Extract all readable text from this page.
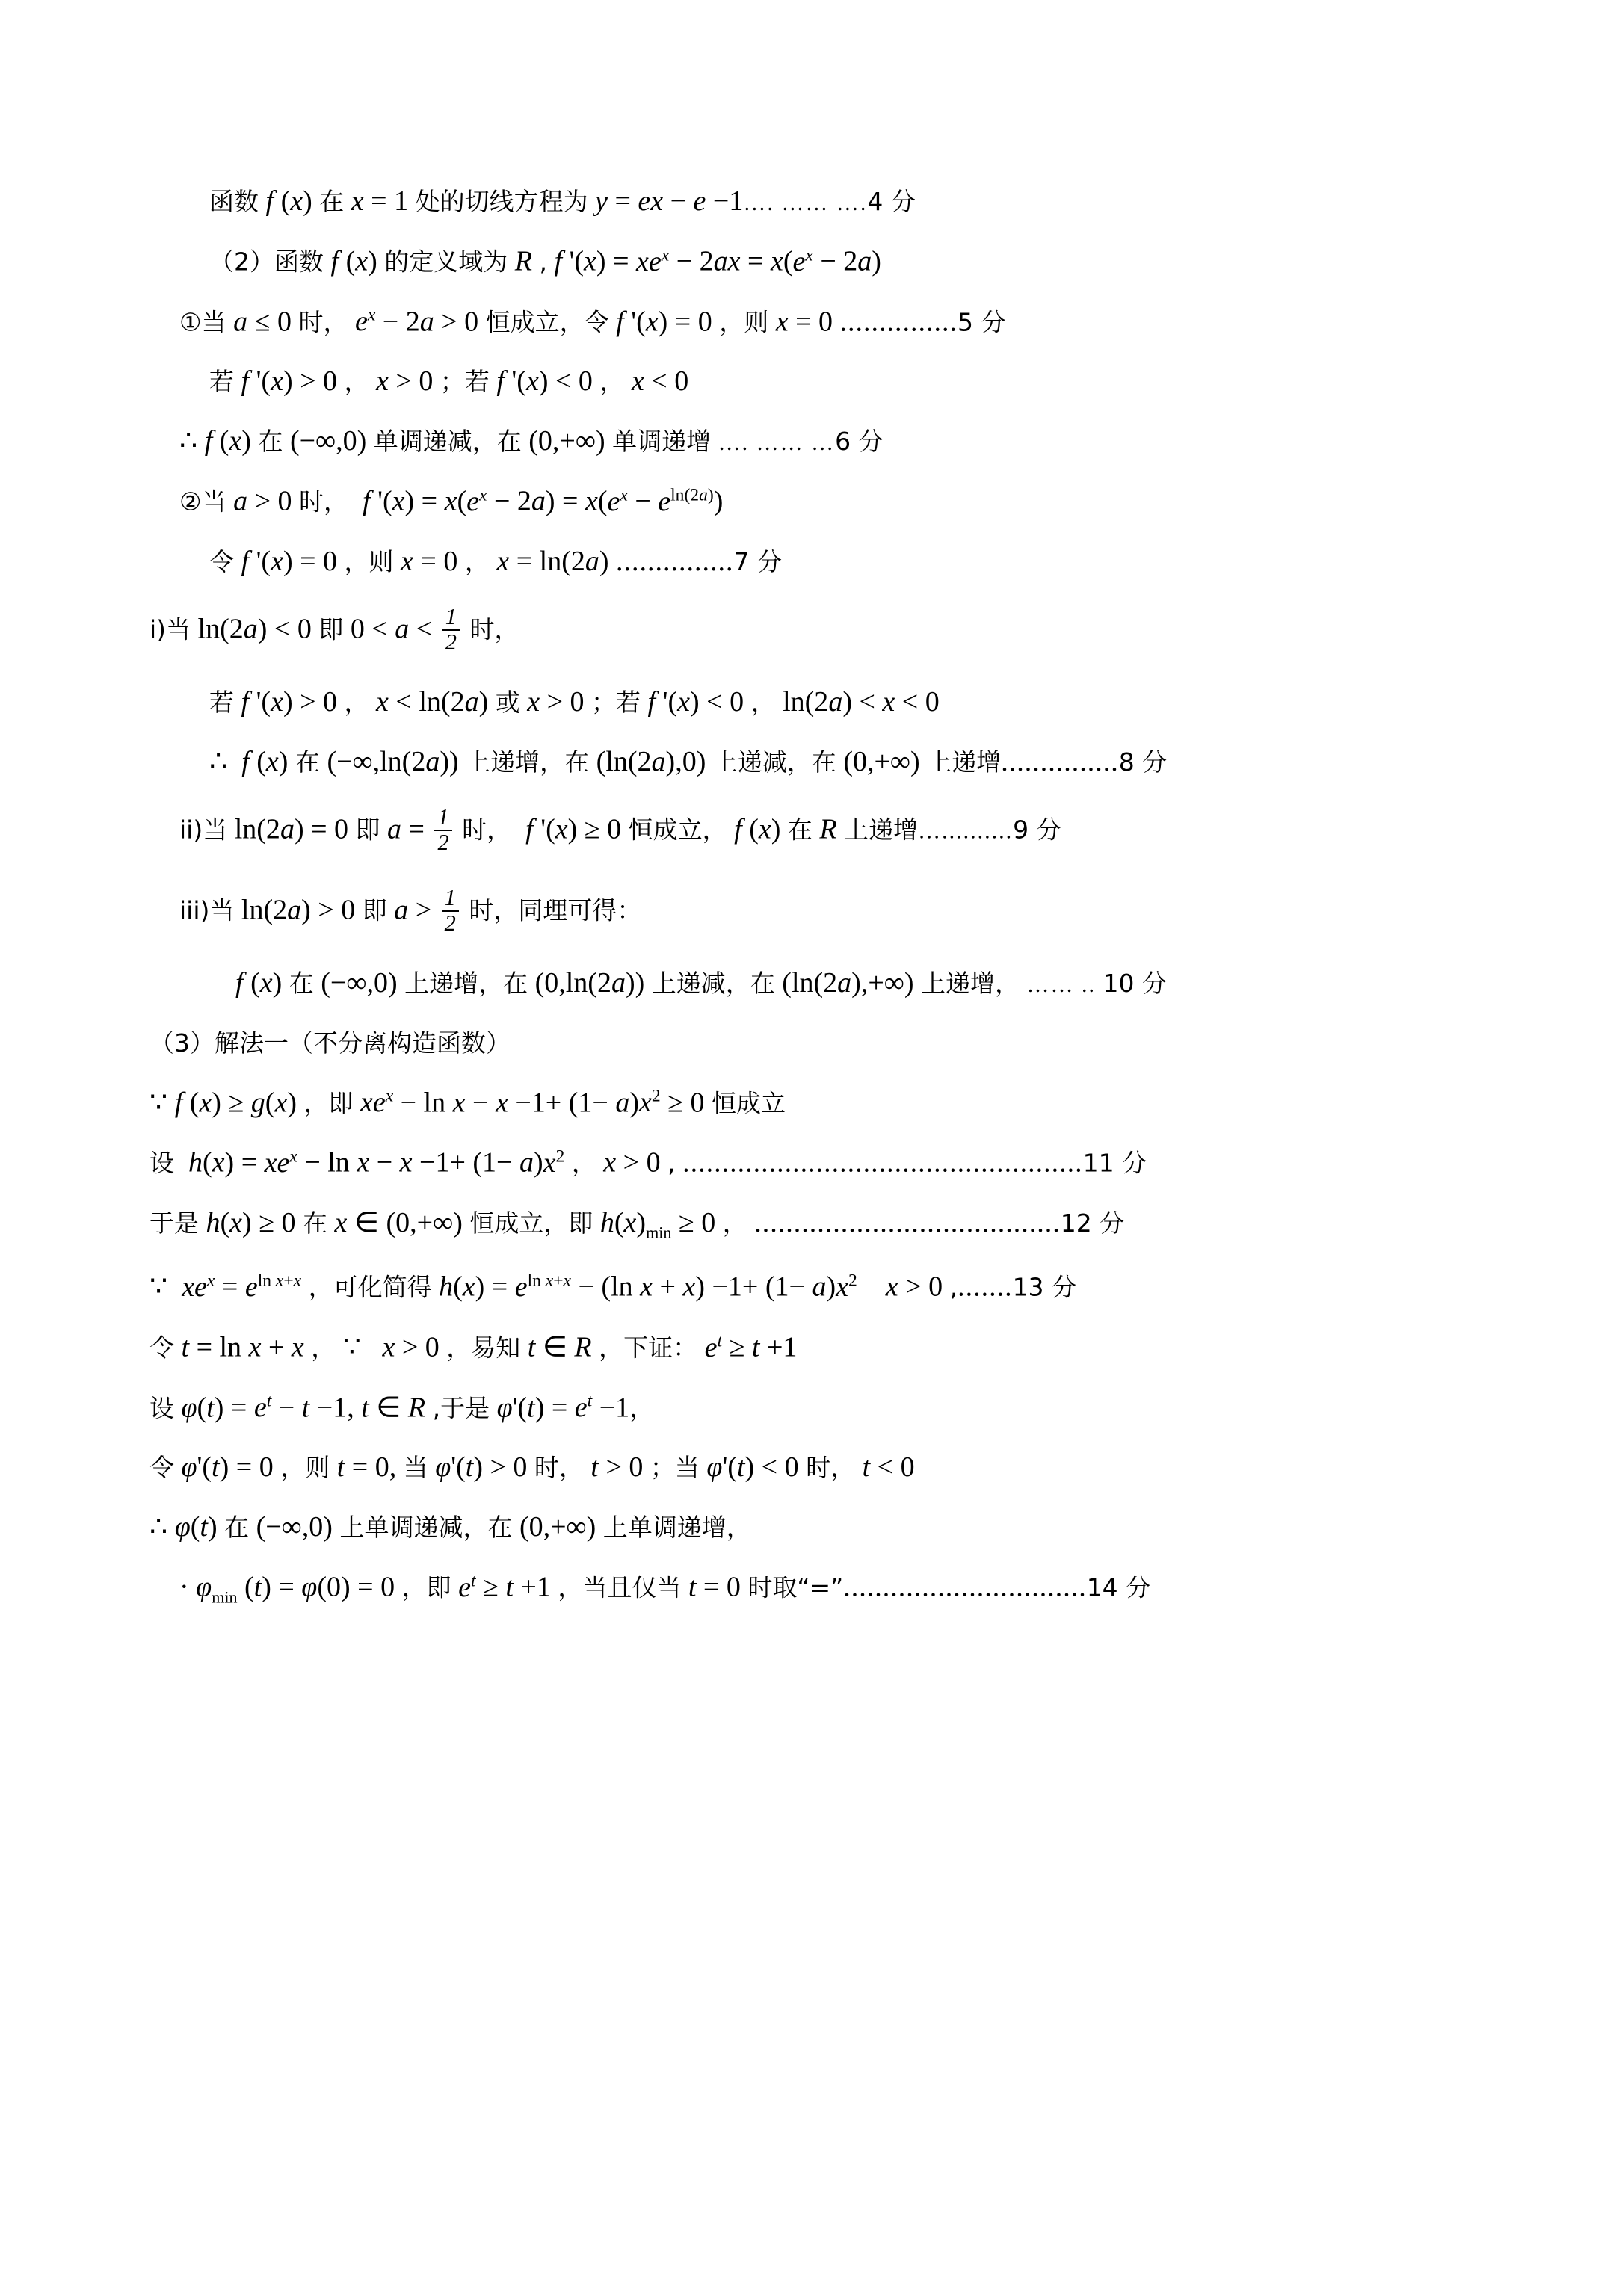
函数 f (x) 在 x = 1 处的切线方程为 y = ex − e −1…. …… ….4 分
（2）函数 f (x) 的定义域为 R , f '$(x) = xe^x - 2ax = x(e^x - 2a)$
①当 a ≤ 0 时， $e^x - 2a > 0$ 恒成立，令 f '(x) = 0 ，则 x = 0 ...............5 分
若 f '(x) > 0 ， x > 0 ；若 f '(x) < 0 ， x < 0
∴ f (x) 在 (−∞,0) 单调递减，在 (0,+∞) 单调递增 …. …… …6 分
②当 a > 0 时， f '$(x) = x(e^x - 2a) = x(e^x - e^{ln(2a)})$
令 f '(x) = 0 ，则 x = 0 ， x = ln(2a) ...............7 分
i)当 ln(2a) < 0 即 $0 < a < \frac{1}{2}$ 时，
若 f '(x) > 0 ， x < ln(2a) 或 x > 0 ；若 f '(x) < 0 ， ln(2a) < x < 0
∴ f (x) 在 (−∞,ln(2a)) 上递增，在 (ln(2a),0) 上递减，在 (0,+∞) 上递增...............8 分
ii)当 ln(2a) = 0 即 $a = \frac{1}{2}$ 时， f '(x) ≥ 0 恒成立， f (x) 在 R 上递增…..........9 分
iii)当 ln(2a) > 0 即 $a > \frac{1}{2}$ 时，同理可得：
f (x) 在 (−∞,0) 上递增，在 (0,ln(2a)) 上递减，在 (ln(2a),+∞) 上递增， …… .. 10 分
（3）解法一（不分离构造函数）
∵ f (x) ≥ g(x) ，即 $xe^x - \ln x - x -1+ (1- a)x^2 \ge 0$ 恒成立
设 $h(x) = xe^x - \ln x - x -1+ (1- a)x^2$ ， x > 0 , ...................................................11 分
于是 h(x) ≥ 0 在 x ∈ (0,+∞) 恒成立，即 $h(x)_{min} \ge 0$ ， .......................................12 分
∵ $xe^x = e^{ln x+x}$ ，可化简得 $h(x) = e^{ln x+x} - (\ln$ $x + x) -1+ (1- a)x^2$ x > 0 ,.......13 分
令 t = ln x + x ， ∵ x > 0 ，易知 t ∈ R ，下证： $e^t \ge t +1$
设 $\varphi(t) = e^t - t -1$, t ∈ R ,于是 $\varphi'(t) = e^t -1$，
令 φ'(t) = 0 ，则 t = 0, 当 φ'(t) > 0 时， t > 0 ；当 φ'(t) < 0 时， t < 0
∴ φ(t) 在 (−∞,0) 上单调递减，在 (0,+∞) 上单调递增，
· $\varphi_{min}$ (t) = φ(0) = 0 ，即 $e^t \ge t +1$ ，当且仅当 t = 0 时取“=”...............................14 分
